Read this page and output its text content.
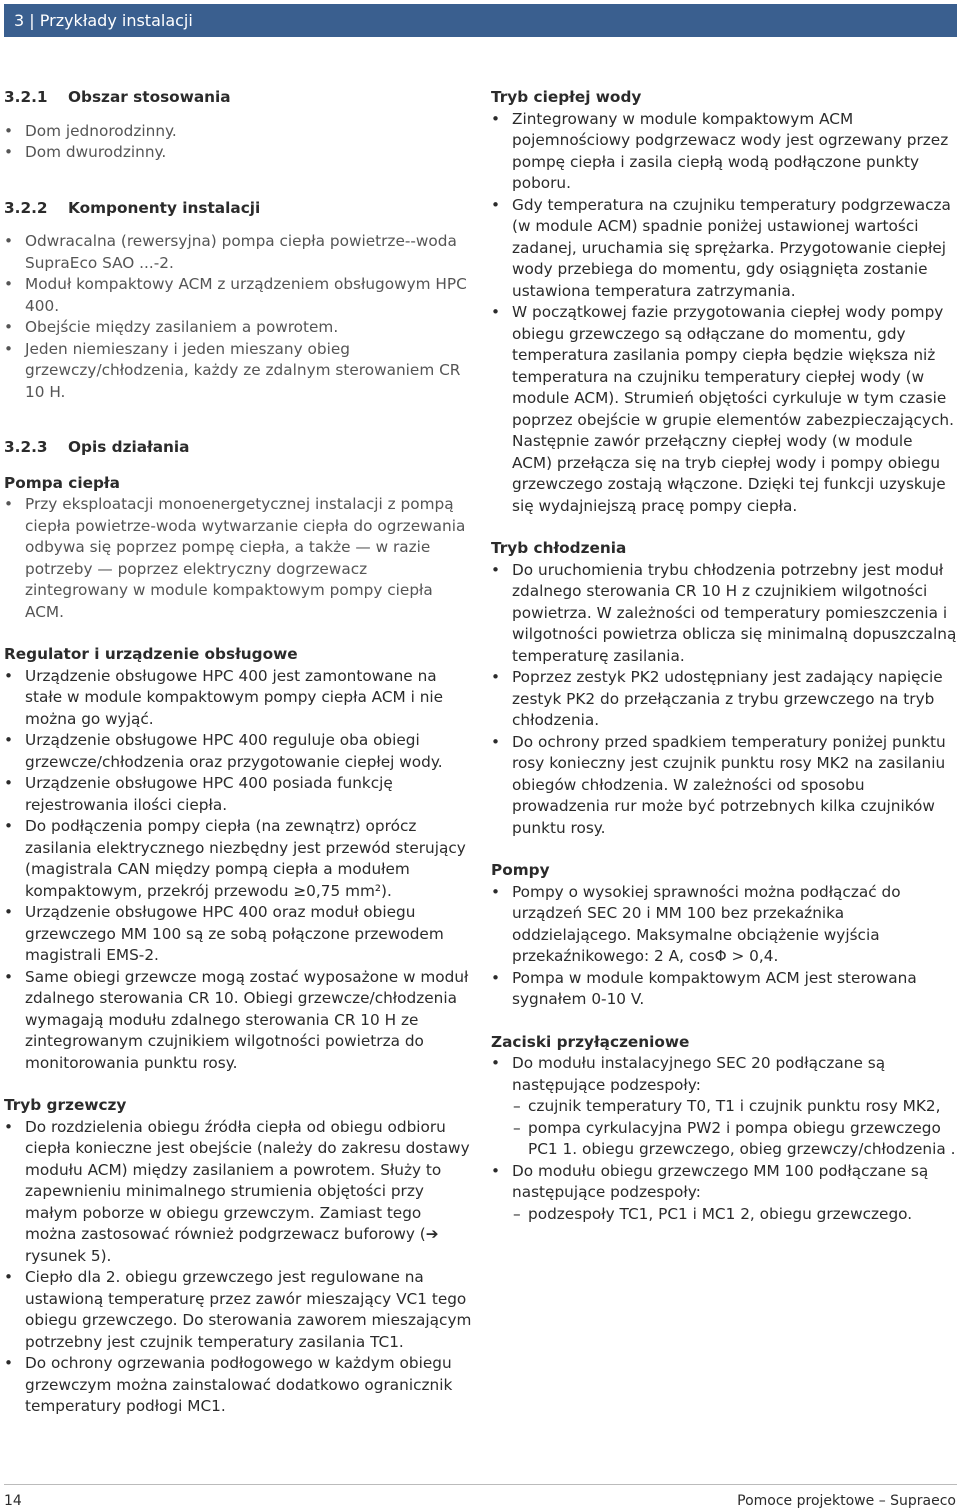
3 | Przykłady instalacji

3.2.1 Obszar stosowania

• Dom jednorodzinny.
• Dom dwurodzinny.

3.2.2 Komponenty instalacji

• Odwracalna (rewersyjna) pompa ciepła powietrze--woda SupraEco SAO ...-2.
• Moduł kompaktowy ACM z urządzeniem obsługowym HPC 400.
• Obejście między zasilaniem a powrotem.
• Jeden niemieszany i jeden mieszany obieg grzewczy/chłodzenia, każdy ze zdalnym sterowaniem CR 10 H.

3.2.3 Opis działania

Pompa ciepła

• Przy eksploatacji monoenergetycznej instalacji z pompą ciepła powietrze-woda wytwarzanie ciepła do ogrzewania odbywa się poprzez pompę ciepła, a także — w razie potrzeby — poprzez elektryczny dogrzewacz zintegrowany w module kompaktowym pompy ciepła ACM.

Regulator i urządzenie obsługowe

• Urządzenie obsługowe HPC 400 jest zamontowane na stałe w module kompaktowym pompy ciepła ACM i nie można go wyjąć.
• Urządzenie obsługowe HPC 400 reguluje oba obiegi grzewcze/chłodzenia oraz przygotowanie ciepłej wody.
• Urządzenie obsługowe HPC 400 posiada funkcję rejestrowania ilości ciepła.
• Do podłączenia pompy ciepła (na zewnątrz) oprócz zasilania elektrycznego niezbędny jest przewód sterujący (magistrala CAN między pompą ciepła a modułem kompaktowym, przekrój przewodu ≥0,75 mm²).
• Urządzenie obsługowe HPC 400 oraz moduł obiegu grzewczego MM 100 są ze sobą połączone przewodem magistrali EMS-2.
• Same obiegi grzewcze mogą zostać wyposażone w moduł zdalnego sterowania CR 10. Obiegi grzewcze/chłodzenia wymagają modułu zdalnego sterowania CR 10 H ze zintegrowanym czujnikiem wilgotności powietrza do monitorowania punktu rosy.

Tryb grzewczy

• Do rozdzielenia obiegu źródła ciepła od obiegu odbioru ciepła konieczne jest obejście (należy do zakresu dostawy modułu ACM) między zasilaniem a powrotem. Służy to zapewnieniu minimalnego strumienia objętości przy małym poborze w obiegu grzewczym. Zamiast tego można zastosować również podgrzewacz buforowy (➔ rysunek 5).
• Ciepło dla 2. obiegu grzewczego jest regulowane na ustawioną temperaturę przez zawór mieszający VC1 tego obiegu grzewczego. Do sterowania zaworem mieszającym potrzebny jest czujnik temperatury zasilania TC1.
• Do ochrony ogrzewania podłogowego w każdym obiegu grzewczym można zainstalować dodatkowo ogranicznik temperatury podłogi MC1.

Tryb ciepłej wody

• Zintegrowany w module kompaktowym ACM pojemnościowy podgrzewacz wody jest ogrzewany przez pompę ciepła i zasila ciepłą wodą podłączone punkty poboru.
• Gdy temperatura na czujniku temperatury podgrzewacza (w module ACM) spadnie poniżej ustawionej wartości zadanej, uruchamia się sprężarka. Przygotowanie ciepłej wody przebiega do momentu, gdy osiągnięta zostanie ustawiona temperatura zatrzymania.
• W początkowej fazie przygotowania ciepłej wody pompy obiegu grzewczego są odłączane do momentu, gdy temperatura zasilania pompy ciepła będzie większa niż temperatura na czujniku temperatury ciepłej wody (w module ACM). Strumień objętości cyrkuluje w tym czasie poprzez obejście w grupie elementów zabezpieczających. Następnie zawór przełączny ciepłej wody (w module ACM) przełącza się na tryb ciepłej wody i pompy obiegu grzewczego zostają włączone. Dzięki tej funkcji uzyskuje się wydajniejszą pracę pompy ciepła.

Tryb chłodzenia

• Do uruchomienia trybu chłodzenia potrzebny jest moduł zdalnego sterowania CR 10 H z czujnikiem wilgotności powietrza. W zależności od temperatury pomieszczenia i wilgotności powietrza oblicza się minimalną dopuszczalną temperaturę zasilania.
• Poprzez zestyk PK2 udostępniany jest zadający napięcie zestyk PK2 do przełączania z trybu grzewczego na tryb chłodzenia.
• Do ochrony przed spadkiem temperatury poniżej punktu rosy konieczny jest czujnik punktu rosy MK2 na zasilaniu obiegów chłodzenia. W zależności od sposobu prowadzenia rur może być potrzebnych kilka czujników punktu rosy.

Pompy

• Pompy o wysokiej sprawności można podłączać do urządzeń SEC 20 i MM 100 bez przekaźnika oddzielającego. Maksymalne obciążenie wyjścia przekaźnikowego: 2 A, cosΦ > 0,4.
• Pompa w module kompaktowym ACM jest sterowana sygnałem 0-10 V.

Zaciski przyłączeniowe

• Do modułu instalacyjnego SEC 20 podłączane są następujące podzespoły:
– czujnik temperatury T0, T1 i czujnik punktu rosy MK2,
– pompa cyrkulacyjna PW2 i pompa obiegu grzewczego PC1 1. obiegu grzewczego, obieg grzewczy/chłodzenia .
• Do modułu obiegu grzewczego MM 100 podłączane są następujące podzespoły:
– podzespoły TC1, PC1 i MC1 2, obiegu grzewczego.
14	Pomoce projektowe – Supraeco
